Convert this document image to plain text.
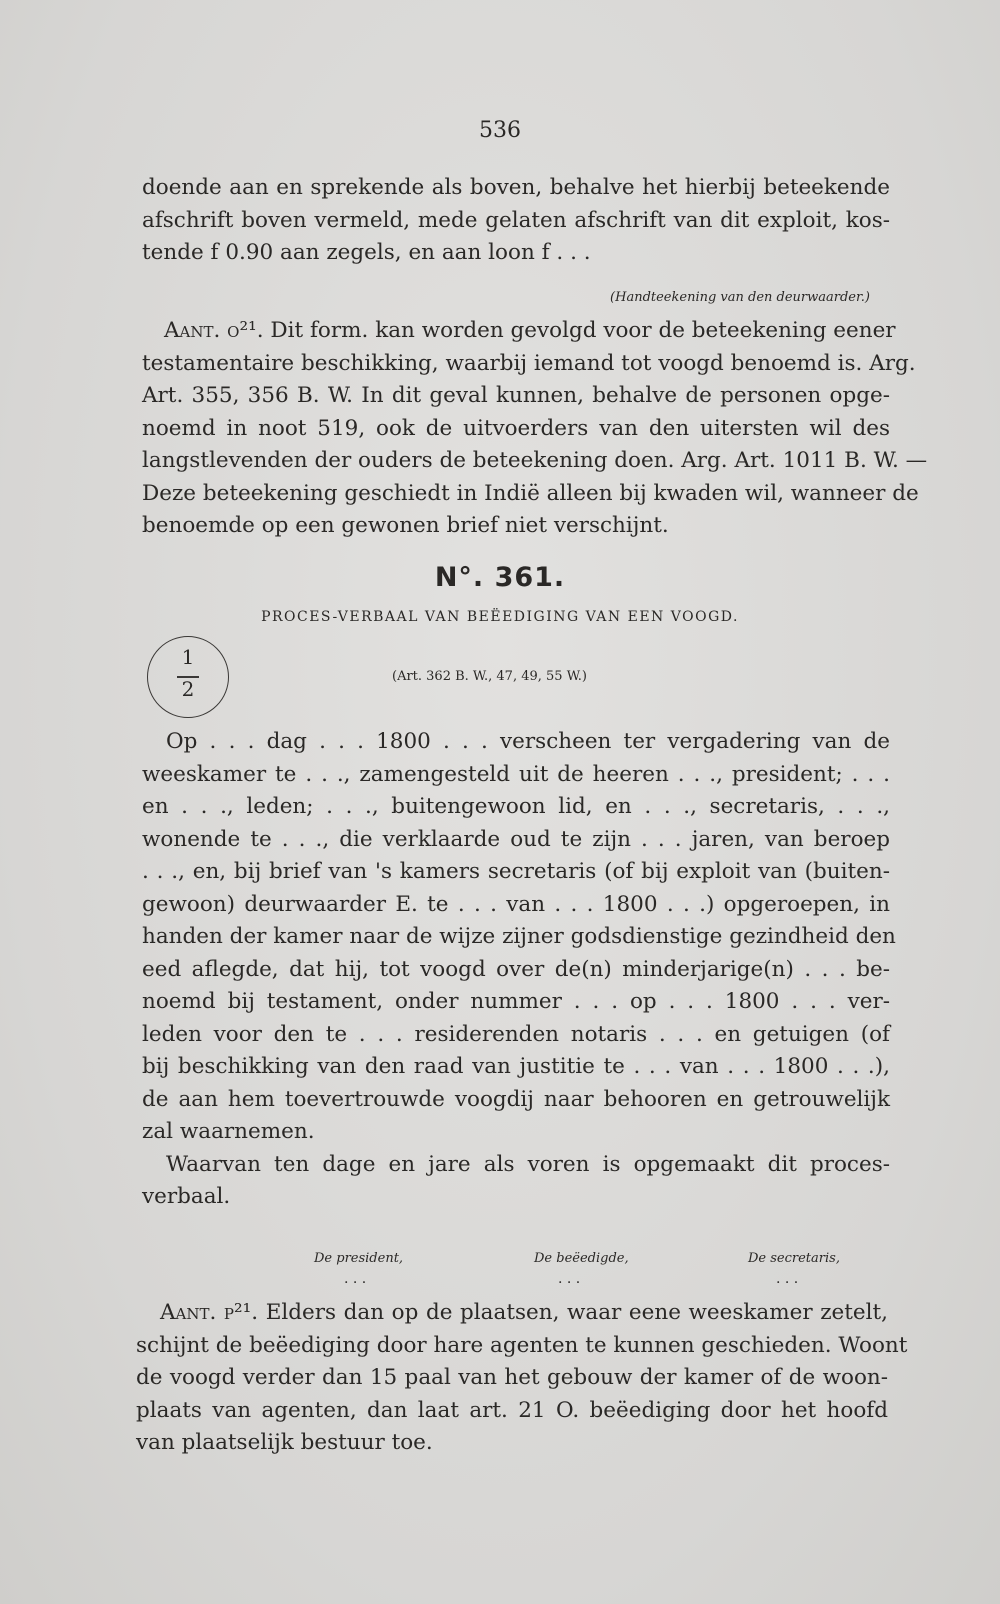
536
doende aan en sprekende als boven, behalve het hierbij beteekende
afschrift boven vermeld, mede gelaten afschrift van dit exploit, kos-
tende f 0.90 aan zegels, en aan loon f . . .
(Handteekening van den deurwaarder.)
Aant. o²¹. Dit form. kan worden gevolgd voor de beteekening eener
testamentaire beschikking, waarbij iemand tot voogd benoemd is. Arg.
Art. 355, 356 B. W. In dit geval kunnen, behalve de personen opge-
noemd in noot 519, ook de uitvoerders van den uitersten wil des
langstlevenden der ouders de beteekening doen. Arg. Art. 1011 B. W. —
Deze beteekening geschiedt in Indië alleen bij kwaden wil, wanneer de
benoemde op een gewonen brief niet verschijnt.
N°. 361.
PROCES-VERBAAL VAN BEËEDIGING VAN EEN VOOGD.
1
2
(Art. 362 B. W., 47, 49, 55 W.)
Op . . . dag . . . 1800 . . . verscheen ter vergadering van de
weeskamer te . . ., zamengesteld uit de heeren . . ., president; . . .
en . . ., leden; . . ., buitengewoon lid, en . . ., secretaris, . . .,
wonende te . . ., die verklaarde oud te zijn . . . jaren, van beroep
. . ., en, bij brief van 's kamers secretaris (of bij exploit van (buiten-
gewoon) deurwaarder E. te . . . van . . . 1800 . . .) opgeroepen, in
handen der kamer naar de wijze zijner godsdienstige gezindheid den
eed aflegde, dat hij, tot voogd over de(n) minderjarige(n) . . . be-
noemd bij testament, onder nummer . . . op . . . 1800 . . . ver-
leden voor den te . . . residerenden notaris . . . en getuigen (of
bij beschikking van den raad van justitie te . . . van . . . 1800 . . .),
de aan hem toevertrouwde voogdij naar behooren en getrouwelijk
zal waarnemen.
Waarvan ten dage en jare als voren is opgemaakt dit proces-
verbaal.
De president,	De beëedigde,	De secretaris,
. . .	. . .	. . .
Aant. p²¹. Elders dan op de plaatsen, waar eene weeskamer zetelt,
schijnt de beëediging door hare agenten te kunnen geschieden. Woont
de voogd verder dan 15 paal van het gebouw der kamer of de woon-
plaats van agenten, dan laat art. 21 O. beëediging door het hoofd
van plaatselijk bestuur toe.
